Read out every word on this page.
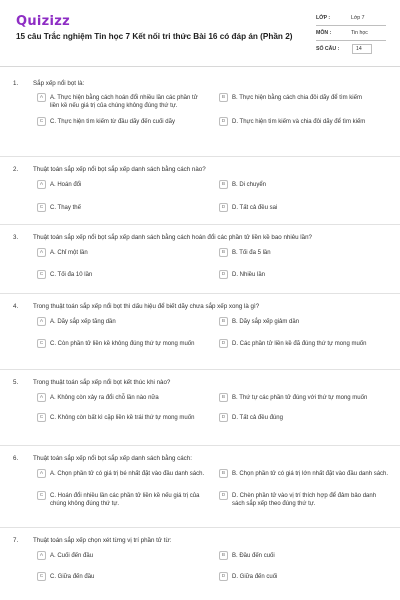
Quizizz
15 câu Trắc nghiệm Tin học 7 Kết nối tri thức Bài 16 có đáp án (Phần 2)
LỚP :	Lớp 7
MÔN :	Tin học
SỐ CÂU :	14
1. Sắp xếp nổi bọt là:
A	A. Thực hiện bằng cách hoán đổi nhiều lần các phần tử liền kề nếu giá trị của chúng không đúng thứ tự.
B	B. Thực hiện bằng cách chia đôi dãy để tìm kiếm
C	C. Thực hiện tìm kiếm từ đầu dãy đến cuối dãy	D	D. Thực hiện tìm kiếm và chia đôi dãy để tìm kiếm
2. Thuật toán sắp xếp nổi bọt sắp xếp danh sách bằng cách nào?
A	A. Hoán đổi	B	B. Di chuyển
C	C. Thay thế	D	D. Tất cả đều sai
3. Thuật toán sắp xếp nổi bọt sắp xếp danh sách bằng cách hoán đổi các phần tử liền kề bao nhiêu lần?
A	A. Chỉ một lần	B	B. Tối đa 5 lần
C	C. Tối đa 10 lần	D	D. Nhiều lần
4. Trong thuật toán sắp xếp nổi bọt thì dấu hiệu để biết dãy chưa sắp xếp xong là gì?
A	A. Dãy sắp xếp tăng dần	B	B. Dãy sắp xếp giảm dần
C	C. Còn phần tử liền kề không đúng thứ tự mong muốn	D	D. Các phần tử liền kề đã đúng thứ tự mong muốn
5. Trong thuật toán sắp xếp nổi bọt kết thúc khi nào?
A	A. Không còn xảy ra đổi chỗ lần nào nữa	B	B. Thứ tự các phần tử đúng với thứ tự mong muốn
C	C. Không còn bất kì cặp liền kề trái thứ tự mong muốn	D	D. Tất cả đều đúng
6. Thuật toán sắp xếp nổi bọt sắp xếp danh sách bằng cách:
A	A. Chọn phần tử có giá trị bé nhất đặt vào đầu danh sách.	B	B. Chọn phần tử có giá trị lớn nhất đặt vào đầu danh sách.
C	C. Hoán đổi nhiều lần các phần tử liền kề nếu giá trị của chúng không đúng thứ tự.
D	D. Chèn phần tử vào vị trí thích hợp để đảm bảo danh sách sắp xếp theo đúng thứ tự.
7. Thuật toán sắp xếp chọn xét từng vị trí phần tử từ:
A	A. Cuối đến đầu	B	B. Đầu đến cuối
C	C. Giữa đến đầu	D	D. Giữa đến cuối
